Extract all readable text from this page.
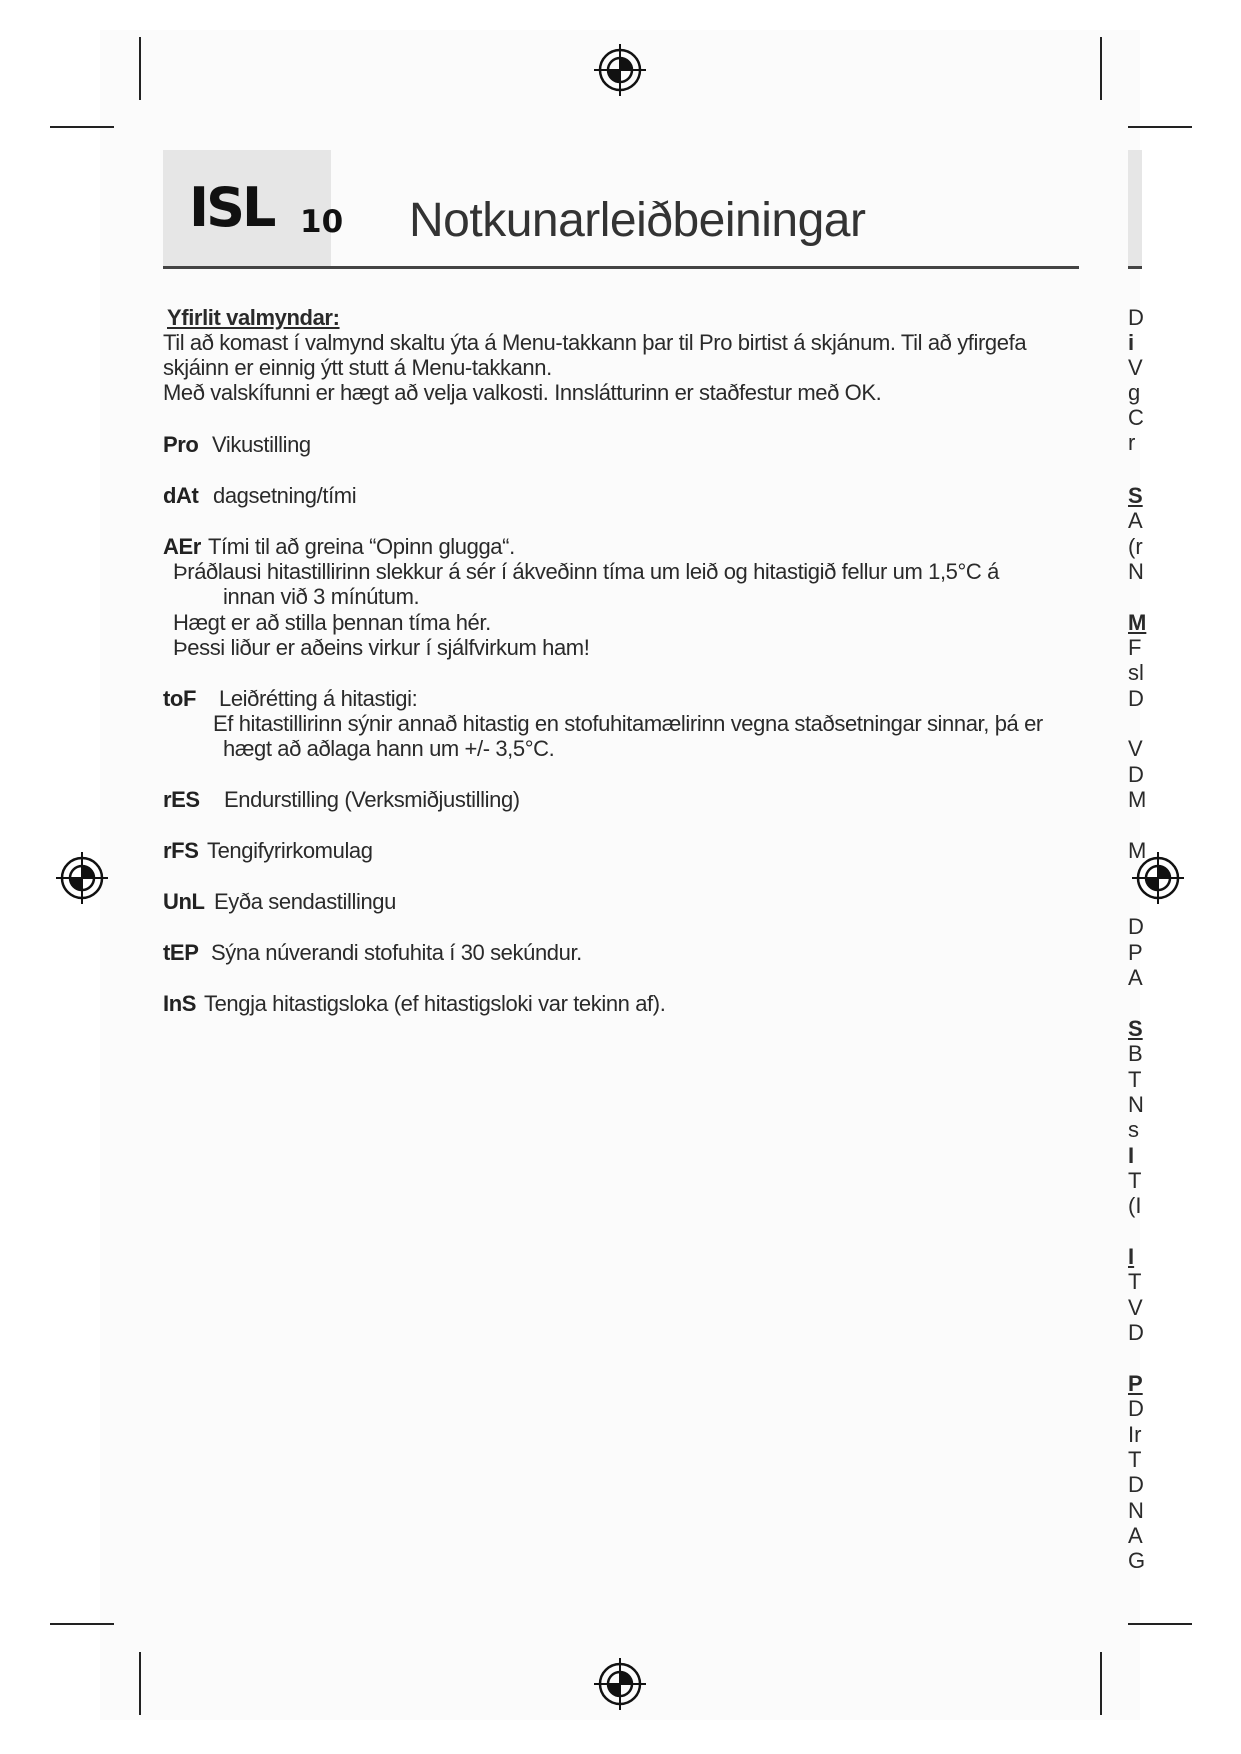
ISL 10 Notkunarleiðbeiningar
Yfirlit valmyndar:
Til að komast í valmynd skaltu ýta á Menu-takkann þar til Pro birtist á skjánum. Til að yfirgefa
skjáinn er einnig ýtt stutt á Menu-takkann.
Með valskífunni er hægt að velja valkosti. Innslátturinn er staðfestur með OK.
Pro Vikustilling
dAt dagsetning/tími
AEr Tími til að greina “Opinn glugga“.
Þráðlausi hitastillirinn slekkur á sér í ákveðinn tíma um leið og hitastigið fellur um 1,5°C á
innan við 3 mínútum.
Hægt er að stilla þennan tíma hér.
Þessi liður er aðeins virkur í sjálfvirkum ham!
toF Leiðrétting á hitastigi:
Ef hitastillirinn sýnir annað hitastig en stofuhitamælirinn vegna staðsetningar sinnar, þá er
hægt að aðlaga hann um +/- 3,5°C.
rES Endurstilling (Verksmiðjustilling)
rFS Tengifyrirkomulag
UnL Eyða sendastillingu
tEP Sýna núverandi stofuhita í 30 sekúndur.
InS Tengja hitastigsloka (ef hitastigsloki var tekinn af).
D
i
V
g
C
r
S
A
(r
N
M
F
sl
D
V
D
M
M
D
P
A
S
B
T
N
s
I
T
(I
I
T
V
D
P
D
Ir
T
D
N
A
G
